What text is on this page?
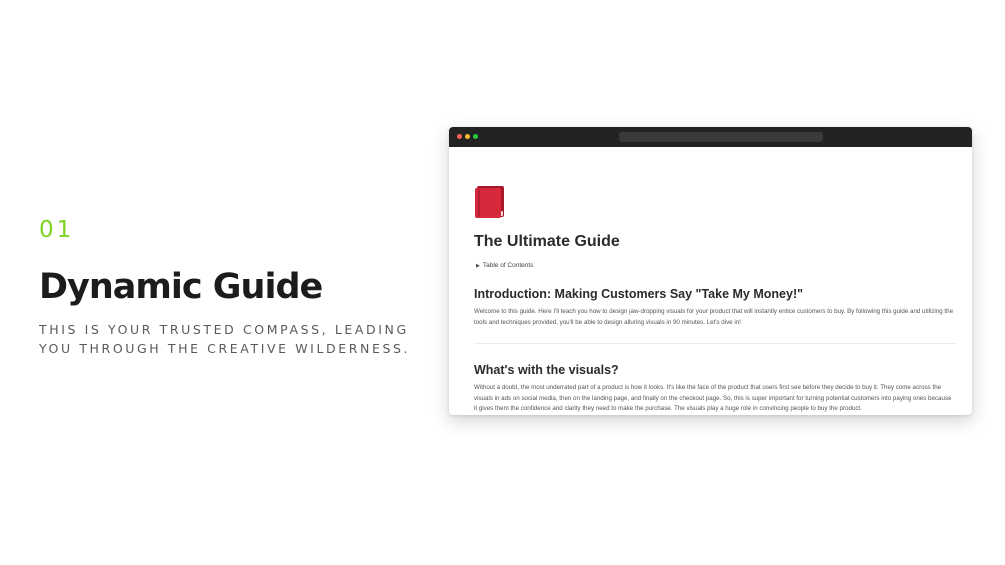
01
Dynamic Guide

THIS IS YOUR TRUSTED COMPASS, LEADING YOU THROUGH THE CREATIVE WILDERNESS.

The Ultimate Guide
▶ Table of Contents
Introduction: Making Customers Say "Take My Money!"

Welcome to this guide. Here I'll teach you how to design jaw-dropping visuals for your product that will instantly entice customers to buy. By following this guide and utilizing the tools and techniques provided, you'll be able to design alluring visuals in 90 minutes. Let's dive in!

What's with the visuals?

Without a doubt, the most underrated part of a product is how it looks. It's like the face of the product that users first see before they decide to buy it. They come across the visuals in ads on social media, then on the landing page, and finally on the checkout page. So, this is super important for turning potential customers into paying ones because it gives them the confidence and clarity they need to make the purchase. The visuals play a huge role in convincing people to buy the product.
